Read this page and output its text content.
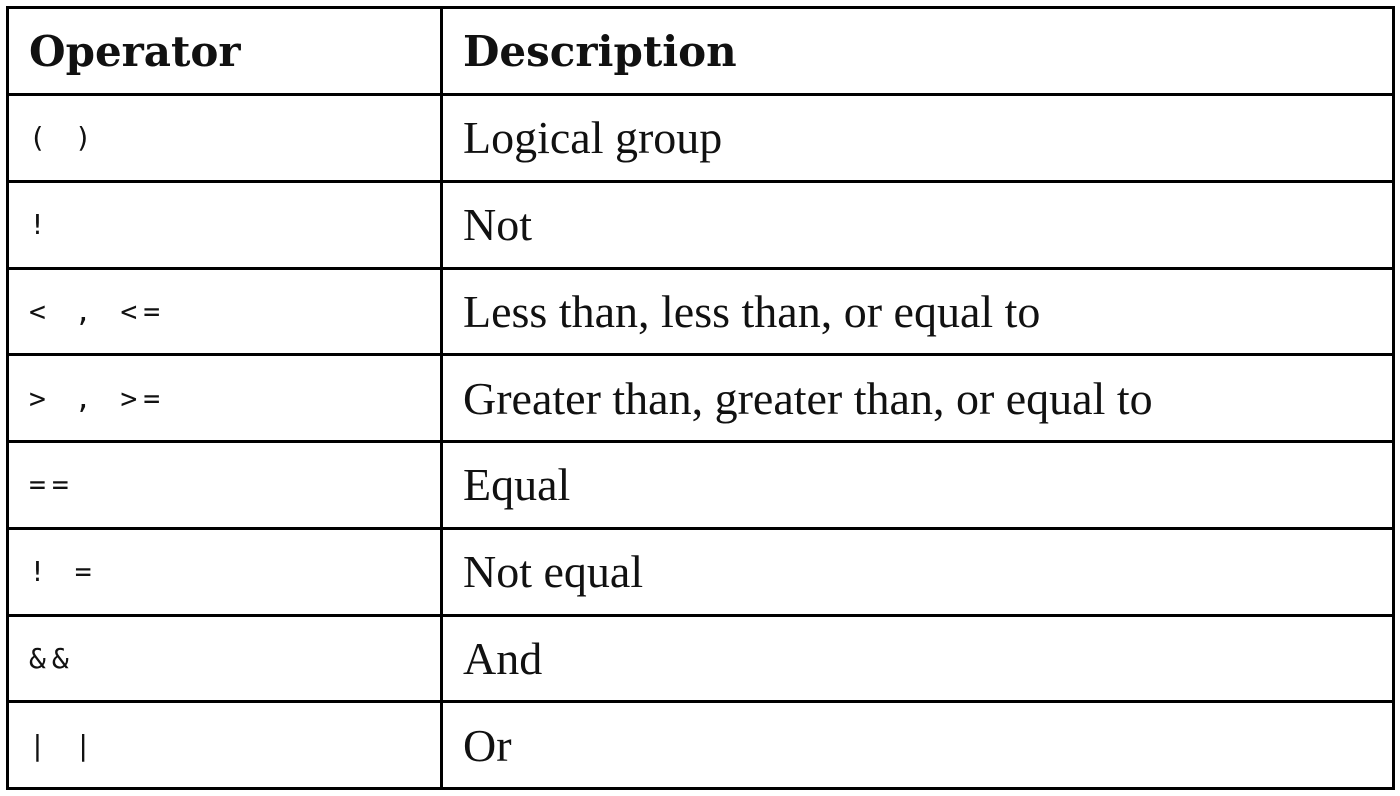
Operator	Description
( )	Logical group
!	Not
< , <=	Less than, less than, or equal to
> , >=	Greater than, greater than, or equal to
==	Equal
! =	Not equal
&&	And
| |	Or
